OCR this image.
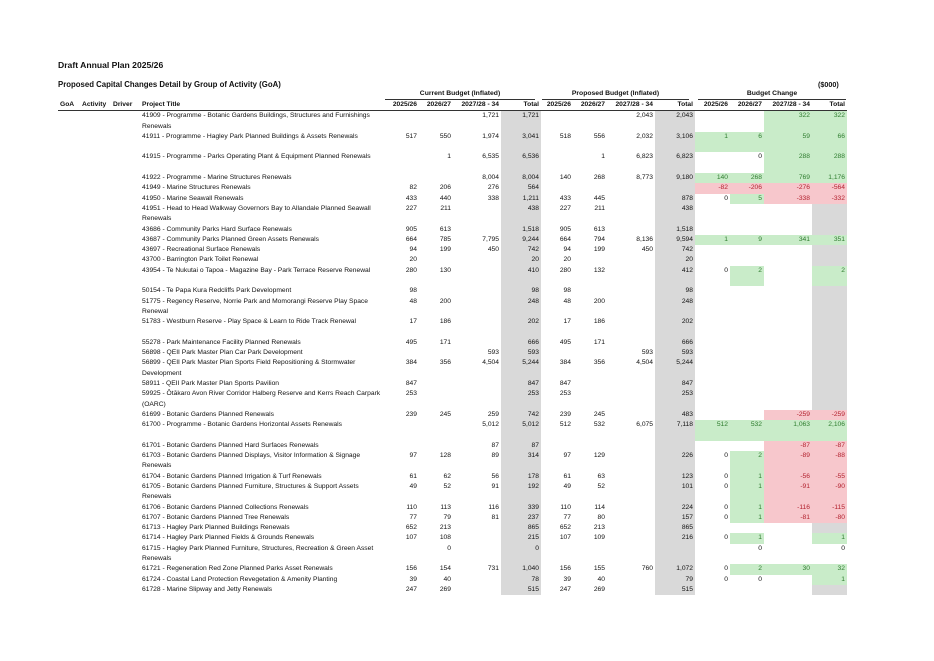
Draft Annual Plan 2025/26
Proposed Capital Changes Detail by Group of Activity (GoA)	($000)
Current Budget (Inflated)	Proposed Budget (Inflated)	Budget Change
GoA	Activity	Driver	Project Title	2025/26	2026/27	2027/28 - 34	Total	2025/26	2026/27	2027/28 - 34	Total	2025/26	2026/27	2027/28 - 34	Total
			41909 - Programme - Botanic Gardens Buildings, Structures and Furnishings Renewals			1,721	1,721			2,043	2,043			322	322
			41911 - Programme - Hagley Park Planned Buildings & Assets Renewals	517	550	1,974	3,041	518	556	2,032	3,106	1	6	59	66
			41915 - Programme - Parks Operating Plant & Equipment Planned Renewals		1	6,535	6,536		1	6,823	6,823		0	288	288
			41922 - Programme - Marine Structures Renewals			8,004	8,004	140	268	8,773	9,180	140	268	769	1,176
			41949 - Marine Structures Renewals	82	206	276	564					-82	-206	-276	-564
			41950 - Marine Seawall Renewals	433	440	338	1,211	433	445		878	0	5	-338	-332
			41951 - Head to Head Walkway Governors Bay to Allandale Planned Seawall Renewals	227	211		438	227	211		438				
			43686 - Community Parks Hard Surface Renewals	905	613		1,518	905	613		1,518				
			43687 - Community Parks Planned Green Assets Renewals	664	785	7,795	9,244	664	794	8,136	9,594	1	9	341	351
			43697 - Recreational Surface Renewals	94	199	450	742	94	199	450	742				
			43700 - Barrington Park Toilet Renewal	20			20	20			20				
			43954 - Te Nukutai o Tapoa - Magazine Bay - Park Terrace Reserve Renewal	280	130		410	280	132		412	0	2		2
			50154 - Te Papa Kura Redcliffs Park Development	98			98	98			98				
			51775 - Regency Reserve, Norrie Park and Momorangi Reserve Play Space Renewal	48	200		248	48	200		248				
			51783 - Westburn Reserve - Play Space & Learn to Ride Track Renewal	17	186		202	17	186		202				
			55278 - Park Maintenance Facility Planned Renewals	495	171		666	495	171		666				
			56898 - QEII Park Master Plan Car Park Development			593	593			593	593				
			56899 - QEII Park Master Plan Sports Field Repositioning & Stormwater Development	384	356	4,504	5,244	384	356	4,504	5,244				
			58911 - QEII Park Master Plan Sports Pavilion	847			847	847			847				
			59925 - Ōtākaro Avon River Corridor Halberg Reserve and Kerrs Reach Carpark (OARC)	253			253	253			253				
			61699 - Botanic Gardens Planned Renewals	239	245	259	742	239	245		483			-259	-259
			61700 - Programme - Botanic Gardens Horizontal Assets Renewals			5,012	5,012	512	532	6,075	7,118	512	532	1,063	2,106
			61701 - Botanic Gardens Planned Hard Surfaces Renewals			87	87							-87	-87
			61703 - Botanic Gardens Planned Displays, Visitor Information & Signage Renewals	97	128	89	314	97	129		226	0	2	-89	-88
			61704 - Botanic Gardens Planned Irrigation & Turf Renewals	61	62	56	178	61	63		123	0	1	-56	-55
			61705 - Botanic Gardens Planned Furniture, Structures & Support Assets Renewals	49	52	91	192	49	52		101	0	1	-91	-90
			61706 - Botanic Gardens Planned Collections Renewals	110	113	116	339	110	114		224	0	1	-116	-115
			61707 - Botanic Gardens Planned Tree Renewals	77	79	81	237	77	80		157	0	1	-81	-80
			61713 - Hagley Park Planned Buildings Renewals	652	213		865	652	213		865				
			61714 - Hagley Park Planned Fields & Grounds Renewals	107	108		215	107	109		216	0	1		1
			61715 - Hagley Park Planned Furniture, Structures, Recreation & Green Asset Renewals		0		0						0		0
			61721 - Regeneration Red Zone Planned Parks Asset Renewals	156	154	731	1,040	156	155	760	1,072	0	2	30	32
			61724 - Coastal Land Protection Revegetation & Amenity Planting	39	40		78	39	40		79	0	0		1
			61728 - Marine Slipway and Jetty Renewals	247	269		515	247	269		515				
